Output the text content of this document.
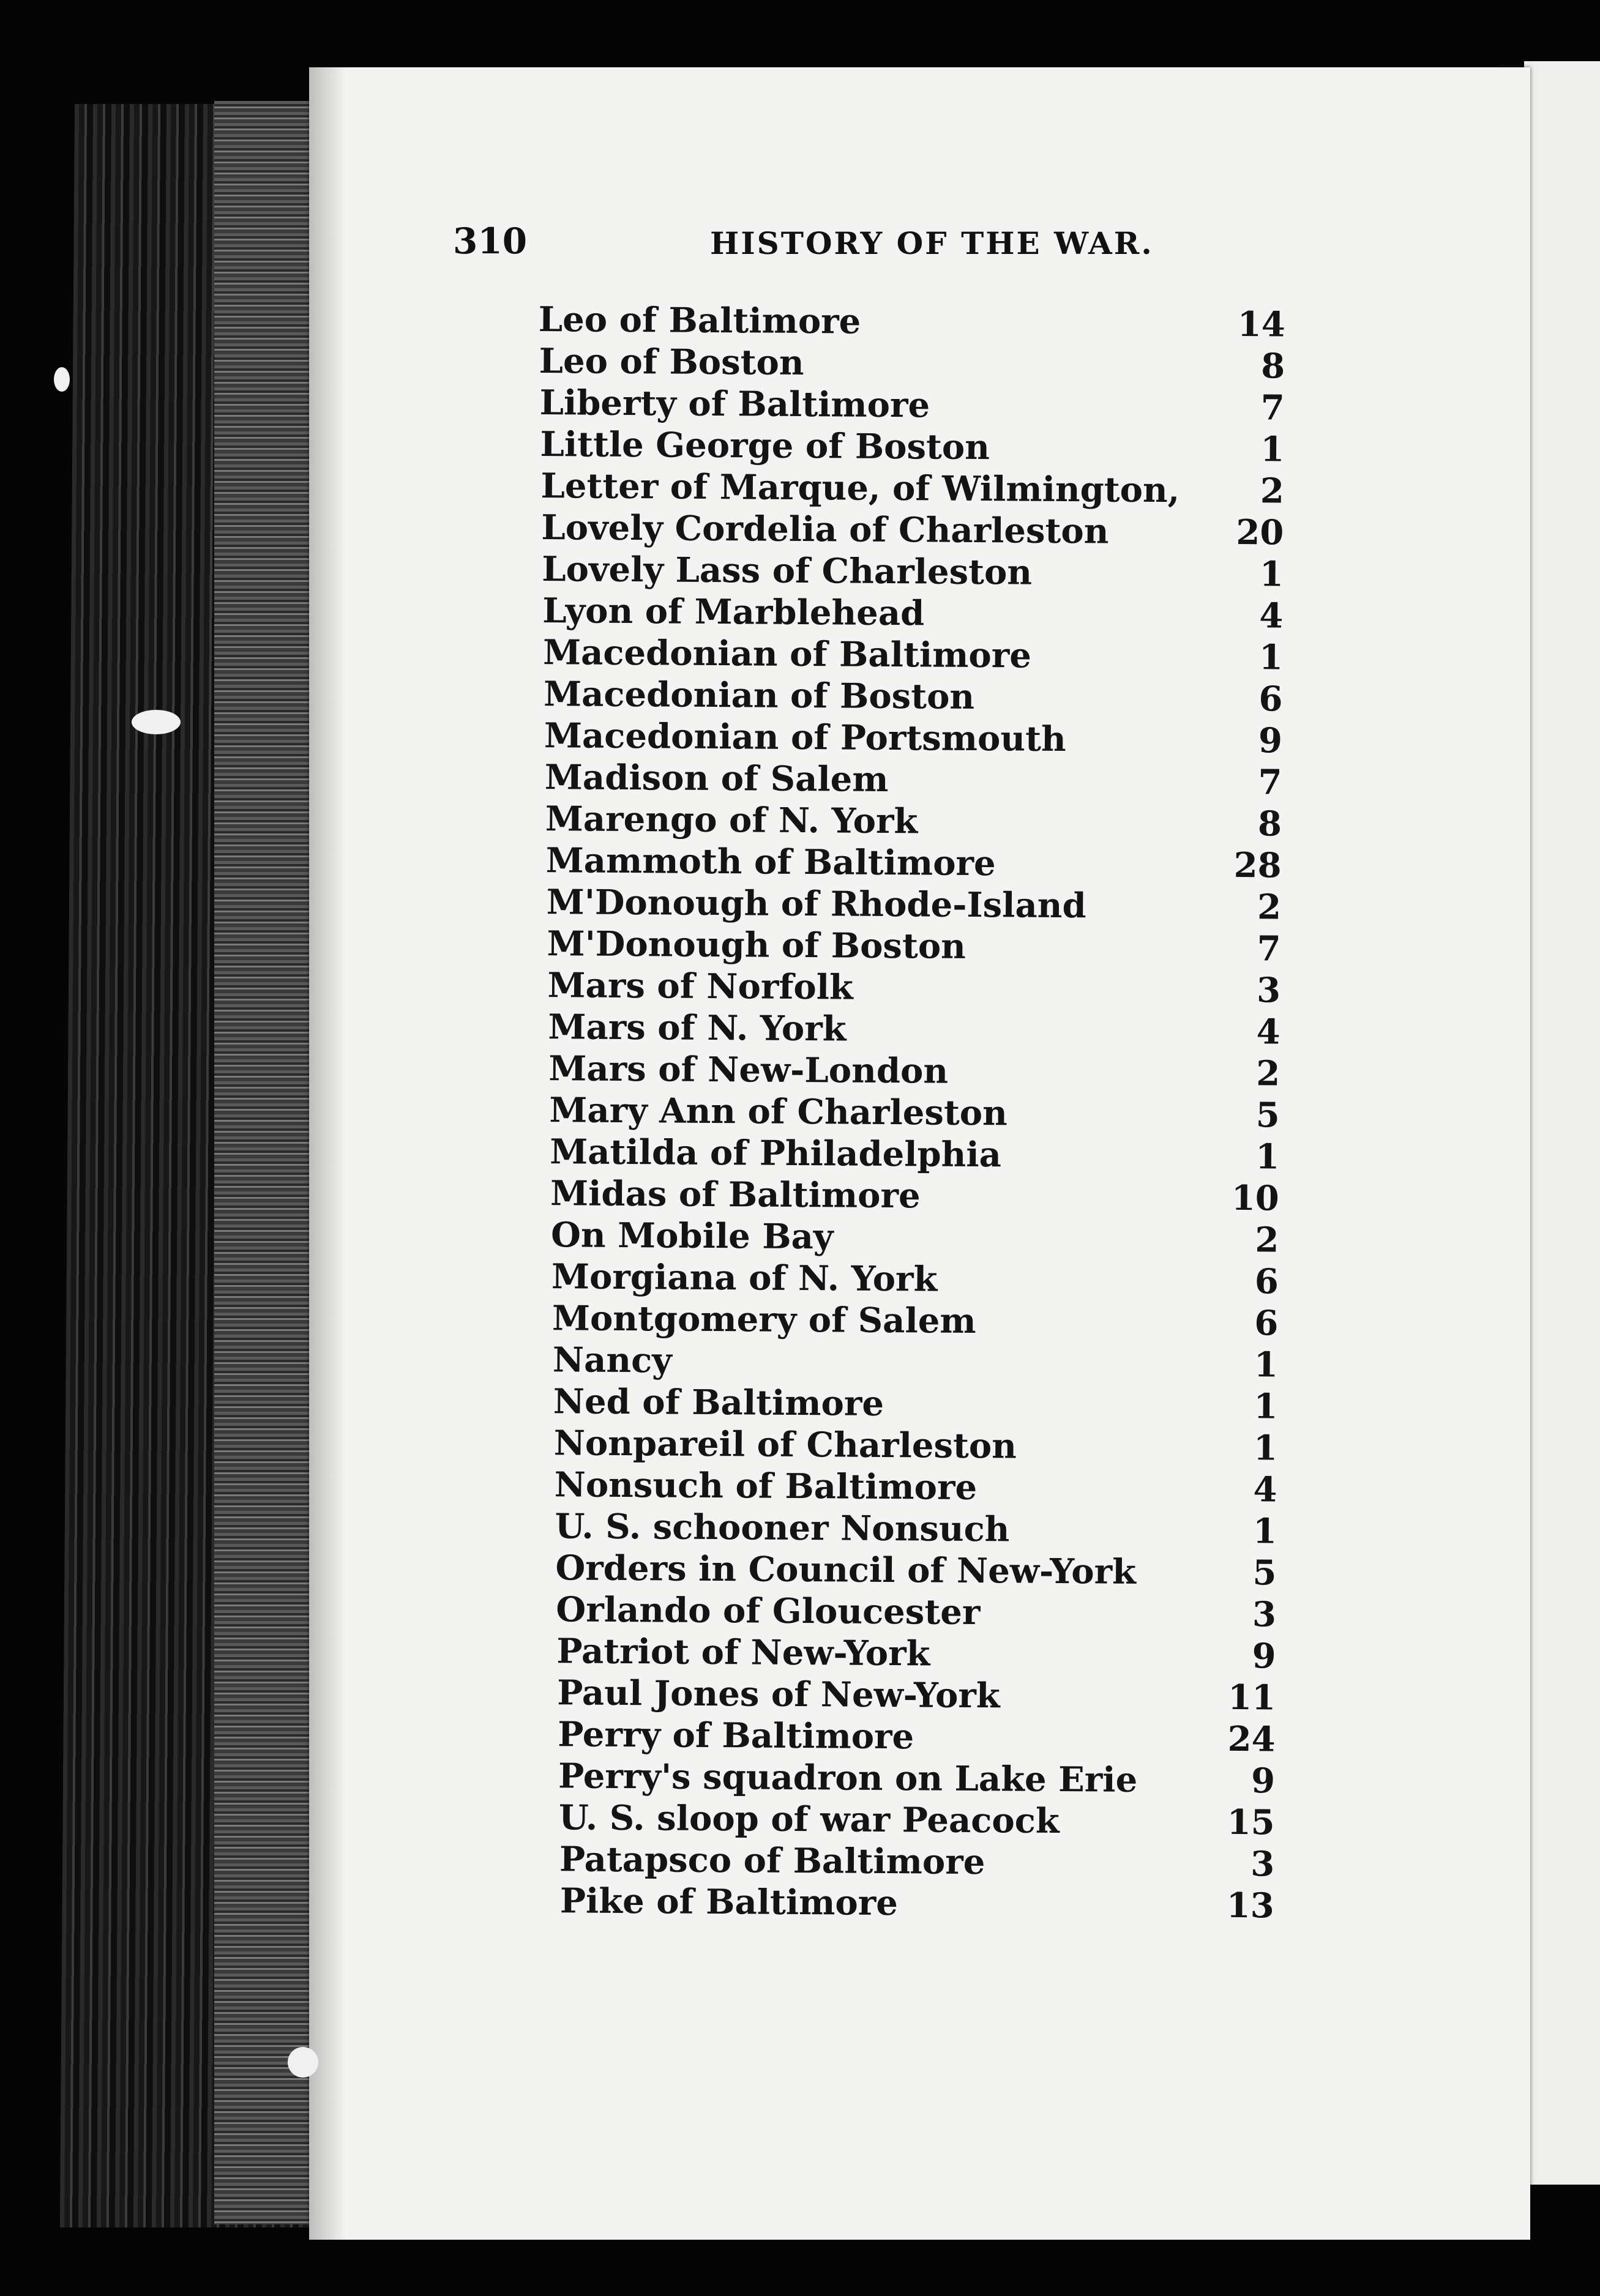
310	HISTORY OF THE WAR.
Leo of Baltimore	14
Leo of Boston	8
Liberty of Baltimore	7
Little George of Boston	1
Letter of Marque, of Wilmington, 2
Lovely Cordelia of Charleston	20
Lovely Lass of Charleston	1
Lyon of Marblehead	4
Macedonian of Baltimore	1
Macedonian of Boston	6
Macedonian of Portsmouth	9
Madison of Salem	7
Marengo of N. York	8
Mammoth of Baltimore	28
M'Donough of Rhode-Island	2
M'Donough of Boston	7
Mars of Norfolk	3
Mars of N. York	4
Mars of New-London	2
Mary Ann of Charleston	5
Matilda of Philadelphia	1
Midas of Baltimore	10
On Mobile Bay	2
Morgiana of N. York	6
Montgomery of Salem	6
Nancy	1
Ned of Baltimore	1
Nonpareil of Charleston	1
Nonsuch of Baltimore	4
U. S. schooner Nonsuch	1
Orders in Council of New-York	5
Orlando of Gloucester	3
Patriot of New-York	9
Paul Jones of New-York	11
Perry of Baltimore	24
Perry's squadron on Lake Erie	9
U. S. sloop of war Peacock	15
Patapsco of Baltimore	3
Pike of Baltimore	13
